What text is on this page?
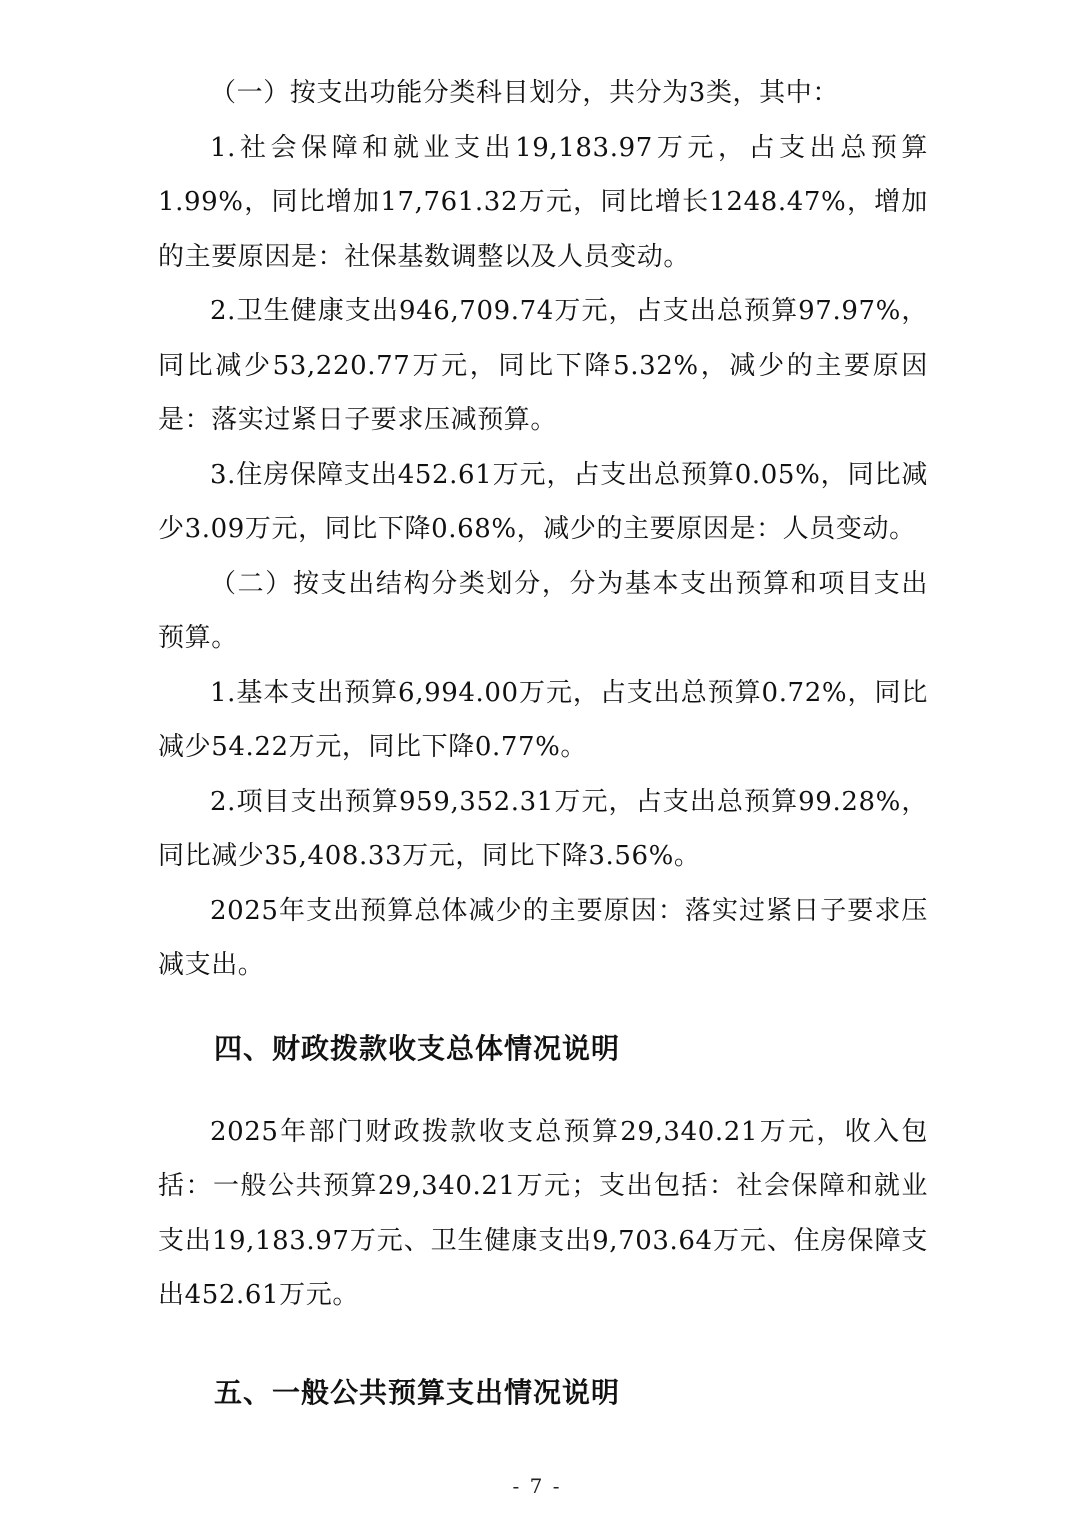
（一）按支出功能分类科目划分，共分为3类，其中：

1.社会保障和就业支出19,183.97万元，占支出总预算1.99%，同比增加17,761.32万元，同比增长1248.47%，增加的主要原因是：社保基数调整以及人员变动。

2.卫生健康支出946,709.74万元，占支出总预算97.97%，同比减少53,220.77万元，同比下降5.32%，减少的主要原因是：落实过紧日子要求压减预算。

3.住房保障支出452.61万元，占支出总预算0.05%，同比减少3.09万元，同比下降0.68%，减少的主要原因是：人员变动。

（二）按支出结构分类划分，分为基本支出预算和项目支出预算。

1.基本支出预算6,994.00万元，占支出总预算0.72%，同比减少54.22万元，同比下降0.77%。

2.项目支出预算959,352.31万元，占支出总预算99.28%，同比减少35,408.33万元，同比下降3.56%。

2025年支出预算总体减少的主要原因：落实过紧日子要求压减支出。

四、财政拨款收支总体情况说明

2025年部门财政拨款收支总预算29,340.21万元，收入包括：一般公共预算29,340.21万元；支出包括：社会保障和就业支出19,183.97万元、卫生健康支出9,703.64万元、住房保障支出452.61万元。

五、一般公共预算支出情况说明
- 7 -
